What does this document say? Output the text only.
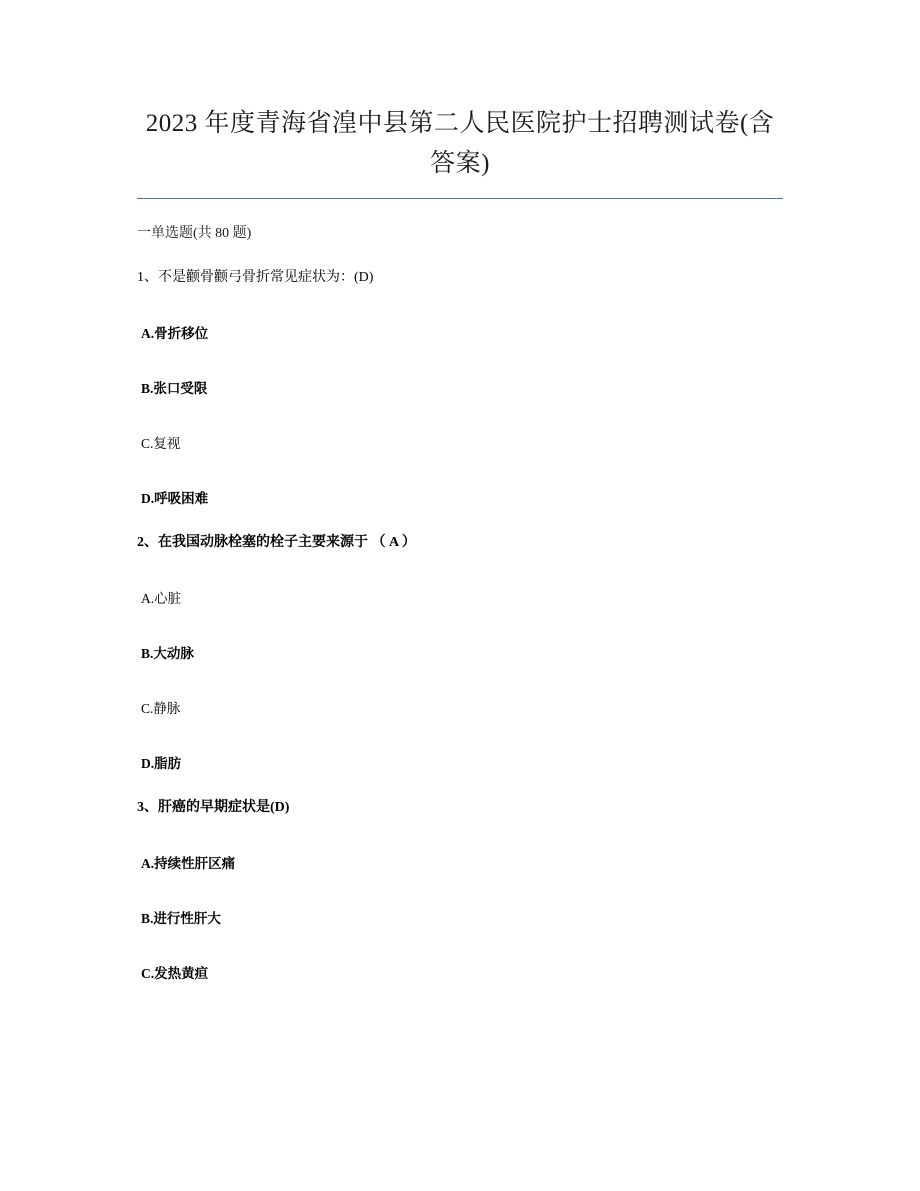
2023 年度青海省湟中县第二人民医院护士招聘测试卷(含答案)

一单选题(共 80 题)

1、不是颧骨颧弓骨折常见症状为：(D)

A.骨折移位

B.张口受限

C.复视

D.呼吸困难

2、在我国动脉栓塞的栓子主要来源于 （ A ）

A.心脏

B.大动脉

C.静脉

D.脂肪

3、肝癌的早期症状是(D)

A.持续性肝区痛

B.进行性肝大

C.发热黄疸
